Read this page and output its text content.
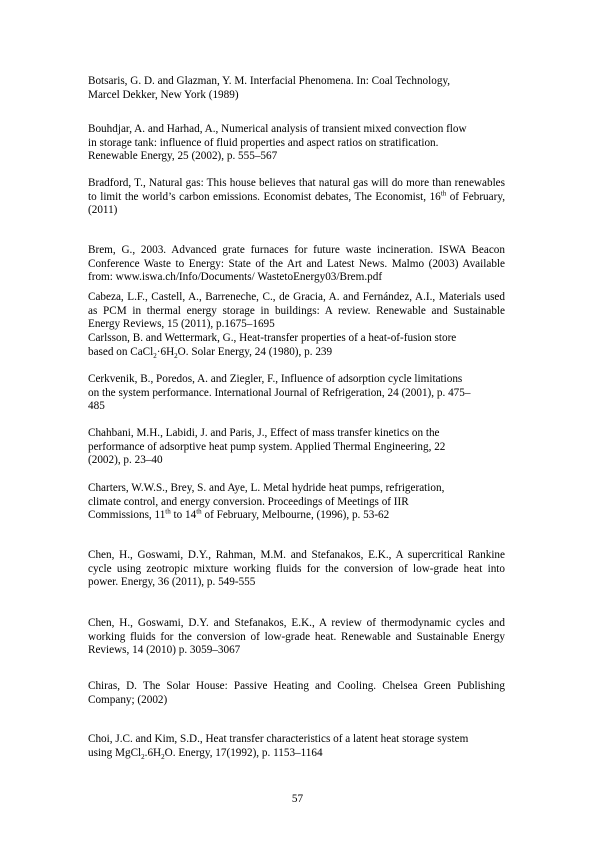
Botsaris, G. D. and Glazman, Y. M. Interfacial Phenomena. In: Coal Technology,
Marcel Dekker, New York (1989)

Bouhdjar, A. and Harhad, A., Numerical analysis of transient mixed convection flow
in storage tank: influence of fluid properties and aspect ratios on stratification.
Renewable Energy, 25 (2002), p. 555–567

Bradford, T., Natural gas: This house believes that natural gas will do more than renewables to limit the world’s carbon emissions. Economist debates, The Economist, 16th of February, (2011)

Brem, G., 2003. Advanced grate furnaces for future waste incineration. ISWA Beacon Conference Waste to Energy: State of the Art and Latest News. Malmo (2003) Available from: www.iswa.ch/Info/Documents/ WastetoEnergy03/Brem.pdf

Cabeza, L.F., Castell, A., Barreneche, C., de Gracia, A. and Fernández, A.I., Materials used as PCM in thermal energy storage in buildings: A review. Renewable and Sustainable Energy Reviews, 15 (2011), p.1675–1695

Carlsson, B. and Wettermark, G., Heat-transfer properties of a heat-of-fusion store
based on $CaCl_2\cdot 6H_2O$. Solar Energy, 24 (1980), p. 239

Cerkvenik, B., Poredos, A. and Ziegler, F., Influence of adsorption cycle limitations
on the system performance. International Journal of Refrigeration, 24 (2001), p. 475–
485

Chahbani, M.H., Labidi, J. and Paris, J., Effect of mass transfer kinetics on the
performance of adsorptive heat pump system. Applied Thermal Engineering, 22
(2002), p. 23–40

Charters, W.W.S., Brey, S. and Aye, L. Metal hydride heat pumps, refrigeration,
climate control, and energy conversion. Proceedings of Meetings of IIR
Commissions, 11th to 14th of February, Melbourne, (1996), p. 53-62

Chen, H., Goswami, D.Y., Rahman, M.M. and Stefanakos, E.K., A supercritical Rankine cycle using zeotropic mixture working fluids for the conversion of low-grade heat into power. Energy, 36 (2011), p. 549-555

Chen, H., Goswami, D.Y. and Stefanakos, E.K., A review of thermodynamic cycles and working fluids for the conversion of low-grade heat. Renewable and Sustainable Energy Reviews, 14 (2010) p. 3059–3067

Chiras, D. The Solar House: Passive Heating and Cooling. Chelsea Green Publishing Company; (2002)

Choi, J.C. and Kim, S.D., Heat transfer characteristics of a latent heat storage system
using $MgCl_2.6H_2O$. Energy, 17(1992), p. 1153–1164

57
